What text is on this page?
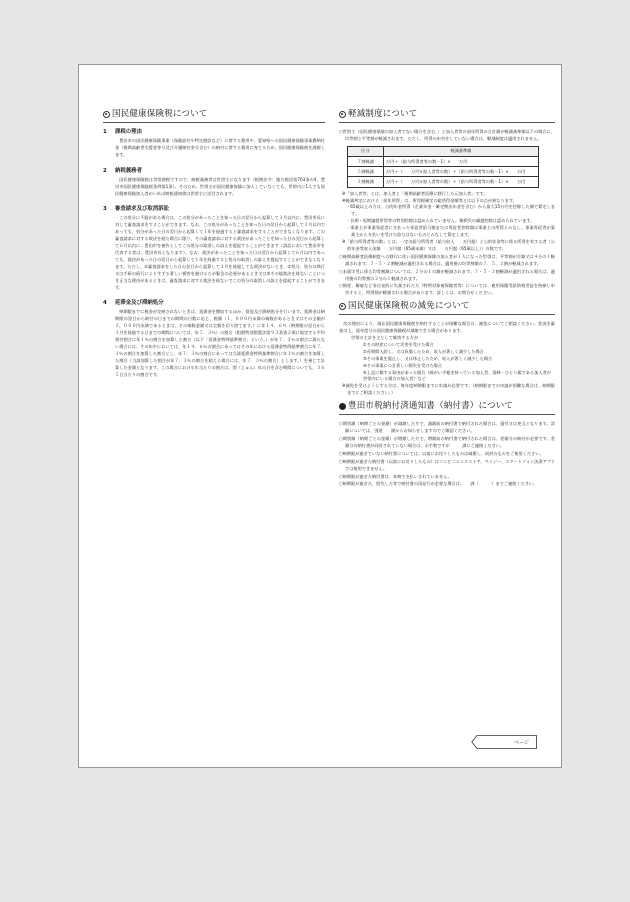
国民健康保険税について
1 課税の理由

豊田市の国民健康保険事業（保険給付や特定健診など）に要する費用や、愛知県への国民健康保険事業費納付金（後期高齢者支援金等分及び介護納付金分含む）の納付に要する費用に充てるため、国民健康保険税を課税します。

2 納税義務者

国民健康保険税は世帯課税ですので、納税義務者は世帯主になります（根拠法令：地方税法第703条の4、豊田市国民健康保険税条例第1条）。そのため、世帯主が国民健康保険に加入していなくても、世帯内に1人でも国民健康保険加入者がいれば納税通知書は世帯主に送付されます。

3 審査請求及び取消訴訟

この処分に不服がある場合は、この処分があったことを知った日の翌日から起算して３月以内に、豊田市長に対して審査請求をすることができます。なお、この処分があったことを知った日の翌日から起算して３月以内であっても、処分があった日の翌日から起算して１年を経過すると審査請求をすることができなくなります。この審査請求に対する裁決を経た場合に限り、その審査請求に対する裁決があったことを知った日の翌日から起算して６月以内に、豊田市を被告としてこの処分の取消しの訴えを提起することができます（訴訟において豊田市を代表する者は、豊田市長となります）。なお、裁決があったことを知った日の翌日から起算して６月以内であっても、裁決があった日の翌日から起算して１年を経過すると処分の取消しの訴えを提起することができなくなります。ただし、①審査請求をした日の翌日から起算して３月を経過しても裁決がないとき、②処分、処分の執行又は手続の続行により生ずる著しい損害を避けるため緊急の必要があるとき又は③その他裁決を経ないことにつき正当な理由があるときは、審査請求に対する裁決を経ないでこの処分の取消しの訴えを提起することができます。

4 延滞金及び滞納処分

納期限までに税金が完納されないときは、延滞金を徴収するほか、督促及び滞納処分を行います。延滞金は納期限の翌日から納付の日までの期間の日数に応じ、税額（１，０００円未満の端数があるとき又はその全額が２，０００円未満であるときは、その端数金額又は全額を切り捨てます。）に年１４．６％（納期限の翌日から１月を経過する日までの期間については、年７．３％）の割合（租税特別措置法第９３条第２項に規定する平均貸付割合に年１％の割合を加算した割合（以下「延滞金特例基準割合」という。）が年７．３％の割合に満たない場合には、その年中においては、年１４．６％の割合にあってはその年における延滞金特例基準割合に年７．３％の割合を加算した割合とし、年７．３％の割合にあっては当該延滞金特例基準割合に年１％の割合を加算した割合（当該加算した割合が年７．３％の割合を超える場合には、年７．３％の割合）とします。）を乗じて計算した金額となります。この場合における年当たりの割合は、閏（じゅん）年の日を含む期間についても、３６５日当たりの割合です。

軽減制度について

○世帯主（国民健康保険の加入者でない場合を含む。）と加入者等の前年所得の合計額が軽減基準額以下の場合に、均等割と平等割が軽減されます。ただし、所得の申告をしていない場合は、軽減制度は適用されません。

区分	軽減基準額
７割軽減	万円＋（給与所得者等の数－1）×　　万円
５割軽減	万円＋（　　万円×加入者等の数）＋（給与所得者等の数－1）×　　万円
２割軽減	万円＋（　　万円×加入者等の数）＋（給与所得者等の数－1）×　　万円

※「加入者等」とは、加入者と「後期高齢者医療に移行した元加入者」です。

※軽減判定における「前年所得」は、所得税確定の総所得金額等とは以下の点が異なります。

・65歳以上の方は、公的年金所得（企業年金・確定拠出年金を含む）から最大15万円を控除した額で算定します。

・長期・短期譲渡所得等の特別控除は認められていません。雑損失の繰越控除は認められています。

・事業主が事業専従者に支払った専従者給与額または専従者控除額は事業主の所得とみなし、事業専従者が事業主から支払いを受けた給与はないものとみなして算定します。

※「給与所得者等の数」とは、一定の給与所得者（給与収入　　万円超）と公的年金等に係る所得を有する者（公的年金等収入金額　　万円超（65歳未満）又は　　万円超（65歳以上））の数です。

○後期高齢者医療制度への移行に伴い国民健康保険の加入者が１人になった世帯は、平等割が半額又は４分の１軽減されます。７・５・２割軽減が適用される場合は、適用後の均等割額の７、５、２割が軽減されます。

○未就学児に係る均等割額については、２分の１の額が軽減されます。７・５・２割軽減が適用される場合は、適用後の均等割の２分の１軽減されます。

○倒産、解雇など非自発的に失業された方（特例対象被保険者等）については、雇用保険受給資格者証を持参し申告すると、所得割が軽減される場合があります。詳しくは、お問合せください。

国民健康保険税の減免について

次の理由により、現在国民健康保険税を納付することが困難な場合は、減免についてご相談ください。状況を審査の上、現年度分の国民健康保険税が減額できる場合があります。

世帯の主計を主として維持する方が
①その財産について災害を受けた場合
②長期間入院し、又は負傷したため、収入が著しく減少した場合
③その事業を廃止し、又は休止したため、収入が著しく減少した場合
④その事業につき著しい損失を受けた場合
⑤上記に類する事由があった場合（障がい手帳を持っている加入者、寡婦・ひとり親である加入者が世帯内にいる場合の加入者）など

※減免を受けようとする方は、毎年度納期限までに申請が必要です。（納期限までの申請が困難な場合は、納期限までにご相談ください。）

豊田市税納付済通知書（納付書）について

○期別額（納期ごとの金額）が減額した方で、減額前の納付書で納付された場合は、還付又は充当となります。詳細については、別途　　課からお知らせしますのでご確認ください。

○期別額（納期ごとの金額）が増額した方で、増額前の納付書で納付された場合は、差額分の納付が必要です。差額分の納付書が同封されていない場合は、お手数ですが　　　課にご連絡ください。

○納期限が過ぎていない納付書については、以前にお送りしたものは破棄し、同封のものをご使用ください。

○納期限が過ぎた納付書（以前にお送りしたもの）はコンビニエンスストア、ペイジー、スマートフォン決済アプリでは使用できません。

○納期限が過ぎた納付書は、本納で支払いされていません。

○納期限が過ぎた、紛失した等で納付書の再発行が必要な場合は、　　課（　　　）までご連絡ください。

ページ
